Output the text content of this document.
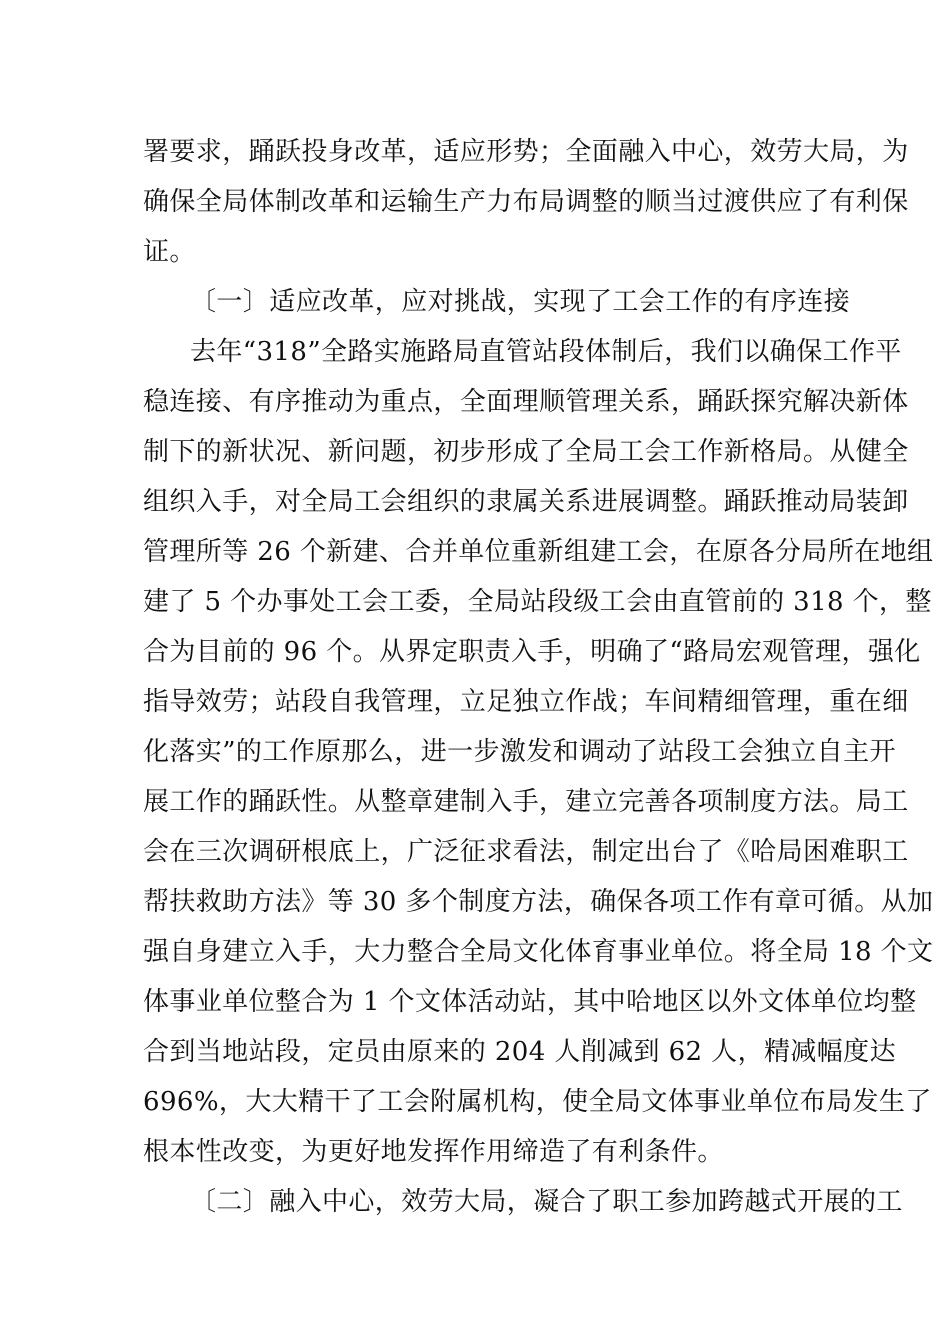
署要求，踊跃投身改革，适应形势；全面融入中心，效劳大局，为
确保全局体制改革和运输生产力布局调整的顺当过渡供应了有利保
证。
〔一〕适应改革，应对挑战，实现了工会工作的有序连接
去年“318”全路实施路局直管站段体制后，我们以确保工作平
稳连接、有序推动为重点，全面理顺管理关系，踊跃探究解决新体
制下的新状况、新问题，初步形成了全局工会工作新格局。从健全
组织入手，对全局工会组织的隶属关系进展调整。踊跃推动局装卸
管理所等 26 个新建、合并单位重新组建工会，在原各分局所在地组
建了 5 个办事处工会工委，全局站段级工会由直管前的 318 个，整
合为目前的 96 个。从界定职责入手，明确了“路局宏观管理，强化
指导效劳；站段自我管理，立足独立作战；车间精细管理，重在细
化落实”的工作原那么，进一步激发和调动了站段工会独立自主开
展工作的踊跃性。从整章建制入手，建立完善各项制度方法。局工
会在三次调研根底上，广泛征求看法，制定出台了《哈局困难职工
帮扶救助方法》等 30 多个制度方法，确保各项工作有章可循。从加
强自身建立入手，大力整合全局文化体育事业单位。将全局 18 个文
体事业单位整合为 1 个文体活动站，其中哈地区以外文体单位均整
合到当地站段，定员由原来的 204 人削减到 62 人，精减幅度达
696%，大大精干了工会附属机构，使全局文体事业单位布局发生了
根本性改变，为更好地发挥作用缔造了有利条件。
〔二〕融入中心，效劳大局，凝合了职工参加跨越式开展的工
